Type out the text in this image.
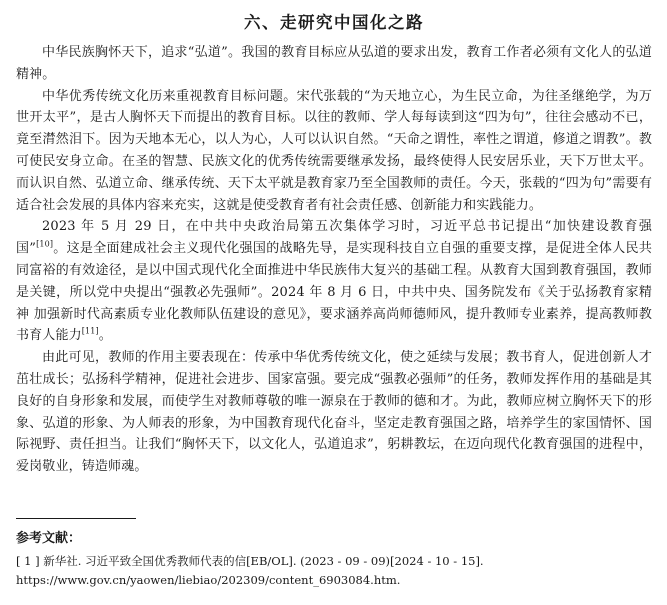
六、走研究中国化之路

中华民族胸怀天下，追求“弘道”。我国的教育目标应从弘道的要求出发，教育工作者必须有文化人的弘道精神。

中华优秀传统文化历来重视教育目标问题。宋代张载的“为天地立心，为生民立命，为往圣继绝学，为万世开太平”，是古人胸怀天下而提出的教育目标。以往的教师、学人每每读到这“四为句”，往往会感动不已，竟至潸然泪下。因为天地本无心，以人为心，人可以认识自然。“天命之谓性，率性之谓道，修道之谓教”。教可使民安身立命。在圣的智慧、民族文化的优秀传统需要继承发扬，最终使得人民安居乐业，天下万世太平。而认识自然、弘道立命、继承传统、天下太平就是教育家乃至全国教师的责任。今天，张载的“四为句”需要有适合社会发展的具体内容来充实，这就是使受教育者有社会责任感、创新能力和实践能力。

2023 年 5 月 29 日，在中共中央政治局第五次集体学习时，习近平总书记提出“加快建设教育强国”[10]。这是全面建成社会主义现代化强国的战略先导，是实现科技自立自强的重要支撑，是促进全体人民共同富裕的有效途径，是以中国式现代化全面推进中华民族伟大复兴的基础工程。从教育大国到教育强国，教师是关键，所以党中央提出“强教必先强师”。2024 年 8 月 6 日，中共中央、国务院发布《关于弘扬教育家精神 加强新时代高素质专业化教师队伍建设的意见》，要求涵养高尚师德师风，提升教师专业素养，提高教师教书育人能力[11]。

由此可见，教师的作用主要表现在：传承中华优秀传统文化，使之延续与发展；教书育人，促进创新人才茁壮成长；弘扬科学精神，促进社会进步、国家富强。要完成“强教必强师”的任务，教师发挥作用的基础是其良好的自身形象和发展，而使学生对教师尊敬的唯一源泉在于教师的德和才。为此，教师应树立胸怀天下的形象、弘道的形象、为人师表的形象，为中国教育现代化奋斗，坚定走教育强国之路，培养学生的家国情怀、国际视野、责任担当。让我们“胸怀天下，以文化人，弘道追求”，躬耕教坛，在迈向现代化教育强国的进程中，爱岗敬业，铸造师魂。

参考文献：

[ 1 ] 新华社. 习近平致全国优秀教师代表的信[EB/OL]. (2023 - 09 - 09)[2024 - 10 - 15]. https://www.gov.cn/yaowen/liebiao/202309/content_6903084.htm.
